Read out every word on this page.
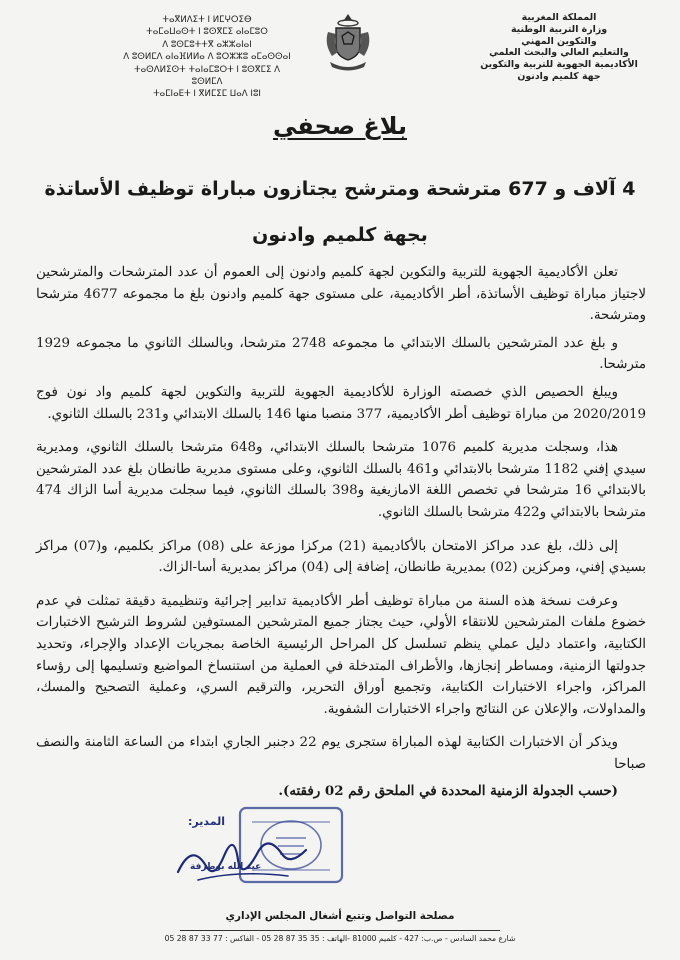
ⵜⴰⴳⵍⴷⵉⵜ ⵏ ⵍⵎⵖⵔⵉⴱ
ⵜⴰⵎⴰⵡⴰⵙⵜ ⵏ ⵓⵙⴳⵎⵉ ⴰⵏⴰⵎⵓⵔ
ⴷ ⵓⵙⵎⵓⵜⵜⴳ ⴰⵣⵣⴰⵏⴰⵏ
ⴷ ⵓⵙⵍⵎⴷ ⴰⵏⴰⴼⵍⵍⴰ ⴷ ⵓⵔⵣⵣⵓ ⴰⵎⴰⵙⵙⴰⵏ
ⵜⴰⵙⴷⵍⵉⵙⵜ ⵜⴰⵏⴰⵎⵓⵔⵜ ⵏ ⵓⵙⴳⵎⵉ ⴷ ⵓⵙⵍⵎⴷ
ⵜⴰⵎⵏⴰⴹⵜ ⵏ ⴳⵍⵎⵉⵎ ⵡⴰⴷ ⵏⵓⵏ
المملكة المغربية
وزارة التربية الوطنية
والتكوين المهني
والتعليم العالي والبحث العلمي
الأكاديمية الجهوية للتربية والتكوين
جهة كلميم وادنون
بلاغ صحفي
4 آلاف و 677 مترشحة ومترشح يجتازون مباراة توظيف الأساتذة
بجهة كلميم وادنون

تعلن الأكاديمية الجهوية للتربية والتكوين لجهة كلميم وادنون إلى العموم أن عدد المترشحات والمترشحين لاجتياز مباراة توظيف الأساتذة، أطر الأكاديمية، على مستوى جهة كلميم وادنون بلغ ما مجموعه 4677 مترشحا ومترشحة.

و بلغ عدد المترشحين بالسلك الابتدائي ما مجموعه 2748 مترشحا، وبالسلك الثانوي ما مجموعه 1929 مترشحا.

ويبلغ الحصيص الذي خصصته الوزارة للأكاديمية الجهوية للتربية والتكوين لجهة كلميم واد نون فوج 2020/2019 من مباراة توظيف أطر الأكاديمية، 377 منصبا منها 146 بالسلك الابتدائي و231 بالسلك الثانوي.

هذا، وسجلت مديرية كلميم 1076 مترشحا بالسلك الابتدائي، و648 مترشحا بالسلك الثانوي، ومديرية سيدي إفني 1182 مترشحا بالابتدائي و461 بالسلك الثانوي، وعلى مستوى مديرية طانطان بلغ عدد المترشحين بالابتدائي 16 مترشحا في تخصص اللغة الامازيغية و398 بالسلك الثانوي، فيما سجلت مديرية أسا الزاك 474 مترشحا بالابتدائي و422 مترشحا بالسلك الثانوي.

إلى ذلك، بلغ عدد مراكز الامتحان بالأكاديمية (21) مركزا موزعة على (08) مراكز بكلميم، و(07) مراكز بسيدي إفني، ومركزين (02) بمديرية طانطان، إضافة إلى (04) مراكز بمديرية أسا-الزاك.

وعرفت نسخة هذه السنة من مباراة توظيف أطر الأكاديمية تدابير إجرائية وتنظيمية دقيقة تمثلت في عدم خضوع ملفات المترشحين للانتقاء الأولي، حيث يجتاز جميع المترشحين المستوفين لشروط الترشيح الاختبارات الكتابية، واعتماد دليل عملي ينظم تسلسل كل المراحل الرئيسية الخاصة بمجريات الإعداد والإجراء، وتحديد جدولتها الزمنية، ومساطر إنجازها، والأطراف المتدخلة في العملية من استنساخ المواضيع وتسليمها إلى رؤساء المراكز، واجراء الاختبارات الكتابية، وتجميع أوراق التحرير، والترقيم السري، وعملية التصحيح والمسك، والمداولات، والإعلان عن النتائج واجراء الاختبارات الشفوية.

ويذكر أن الاختبارات الكتابية لهذه المباراة ستجرى يوم 22 دجنبر الجاري ابتداء من الساعة الثامنة والنصف صباحا

(حسب الجدولة الزمنية المحددة في الملحق رقم 02 رفقته).

المدير:
عبد الله بوطرفة
مصلحة التواصل وتتبع أشغال المجلس الإداري
شارع محمد السادس - ص.ب: 427 - كلميم 81000 -الهاتف : 35 35 87 28 05 - الفاكس : 77 33 87 28 05
